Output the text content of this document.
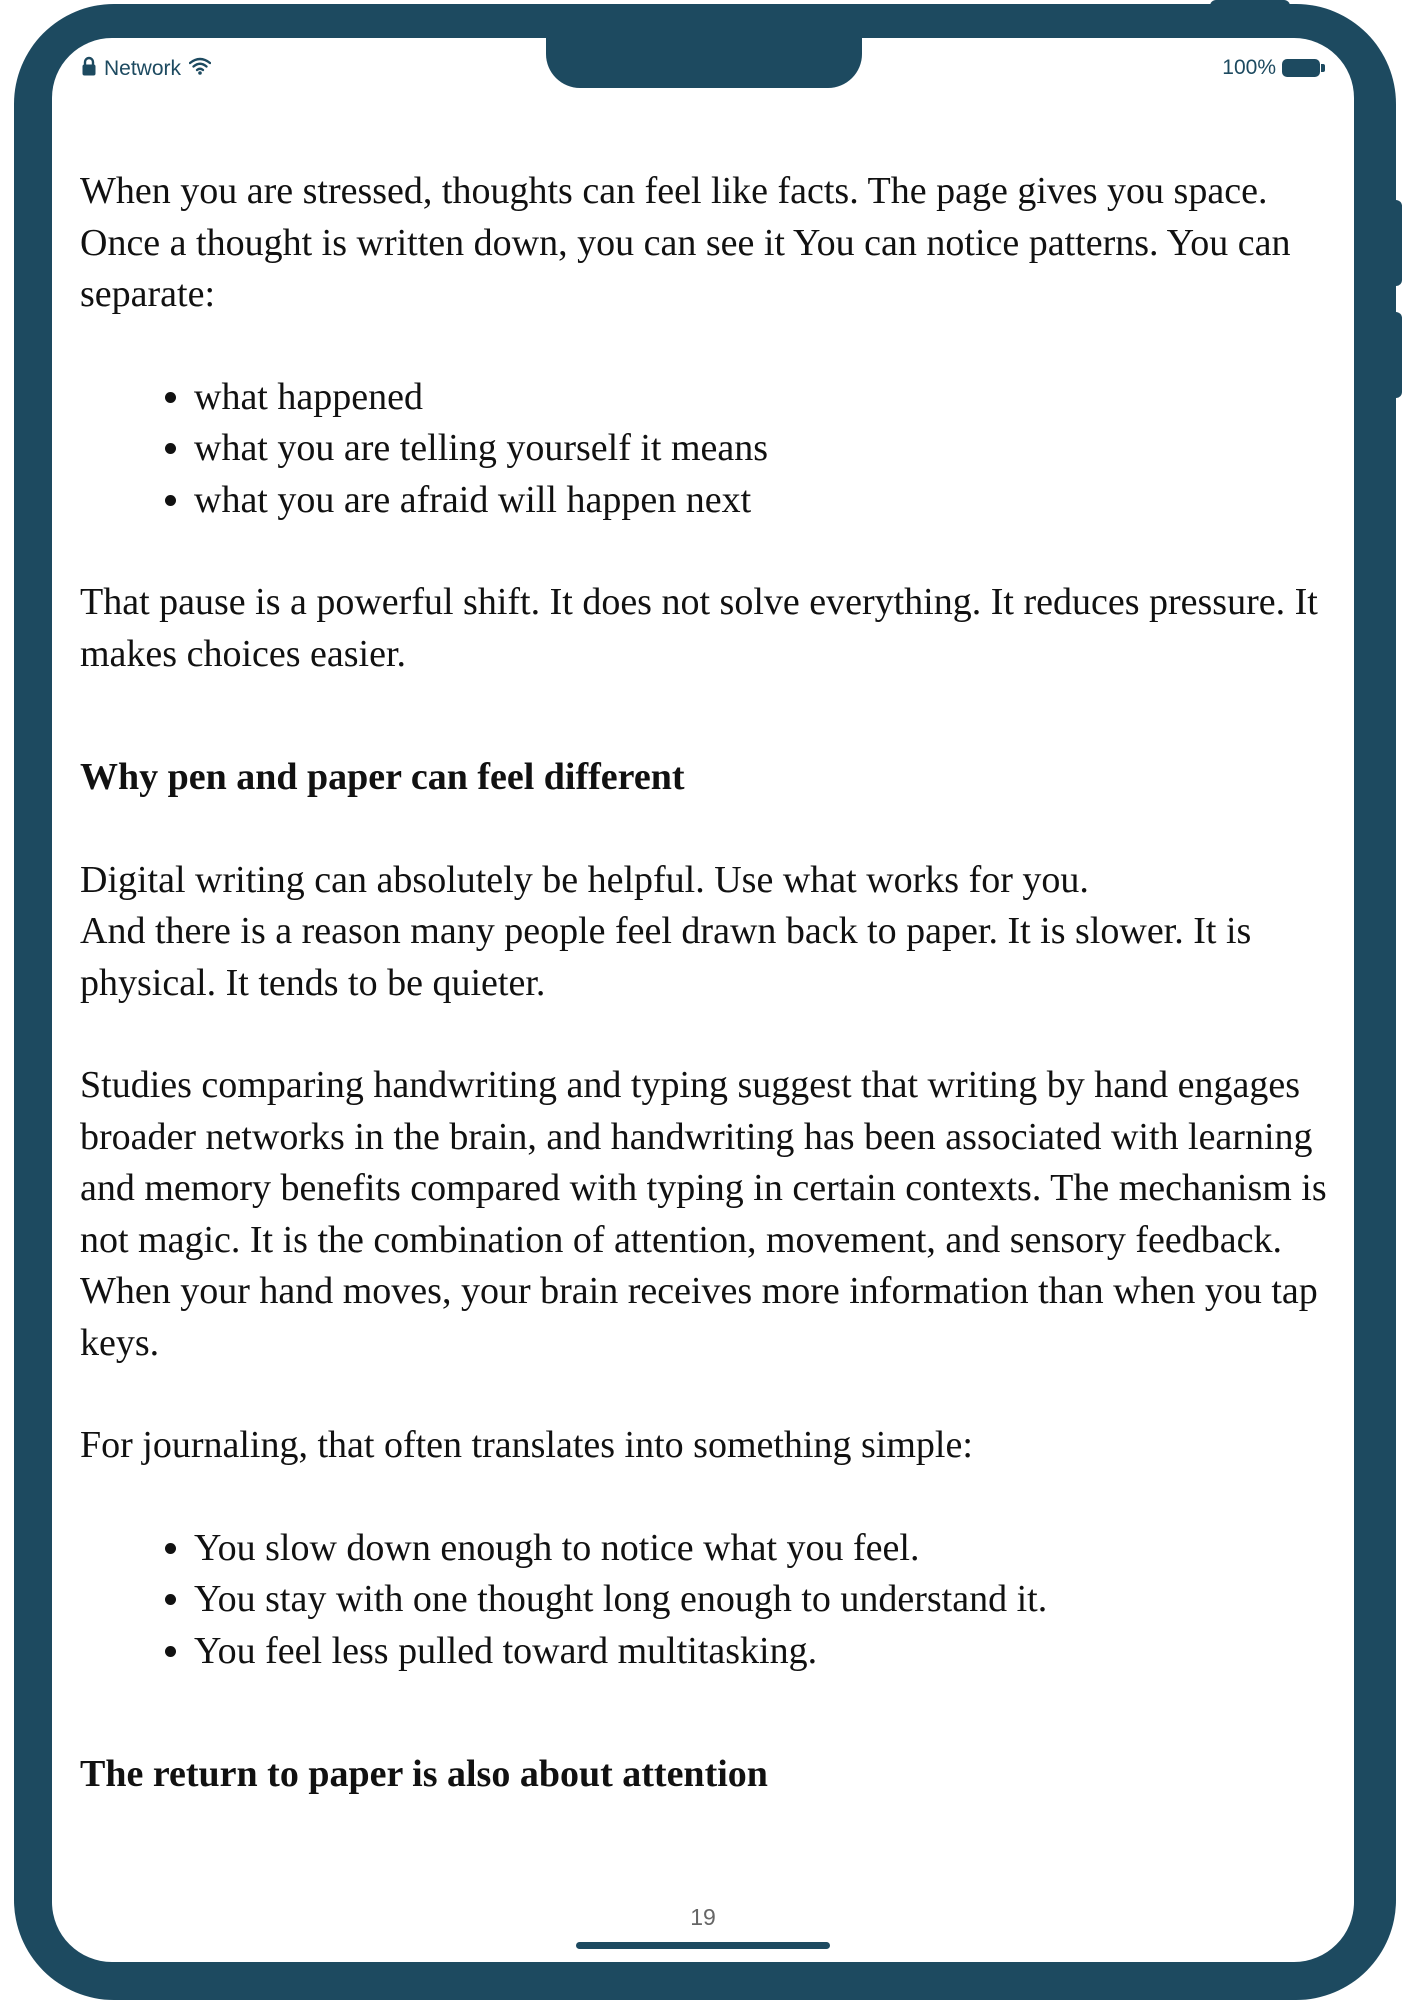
Network	100%

When you are stressed, thoughts can feel like facts. The page gives you space. Once a thought is written down, you can see it You can notice patterns. You can separate:

• what happened
• what you are telling yourself it means
• what you are afraid will happen next

That pause is a powerful shift. It does not solve everything. It reduces pressure. It makes choices easier.

Why pen and paper can feel different

Digital writing can absolutely be helpful. Use what works for you.
And there is a reason many people feel drawn back to paper. It is slower. It is physical. It tends to be quieter.

Studies comparing handwriting and typing suggest that writing by hand engages broader networks in the brain, and handwriting has been associated with learning and memory benefits compared with typing in certain contexts. The mechanism is not magic. It is the combination of attention, movement, and sensory feedback. When your hand moves, your brain receives more information than when you tap keys.

For journaling, that often translates into something simple:

• You slow down enough to notice what you feel.
• You stay with one thought long enough to understand it.
• You feel less pulled toward multitasking.
The return to paper is also about attention
19
